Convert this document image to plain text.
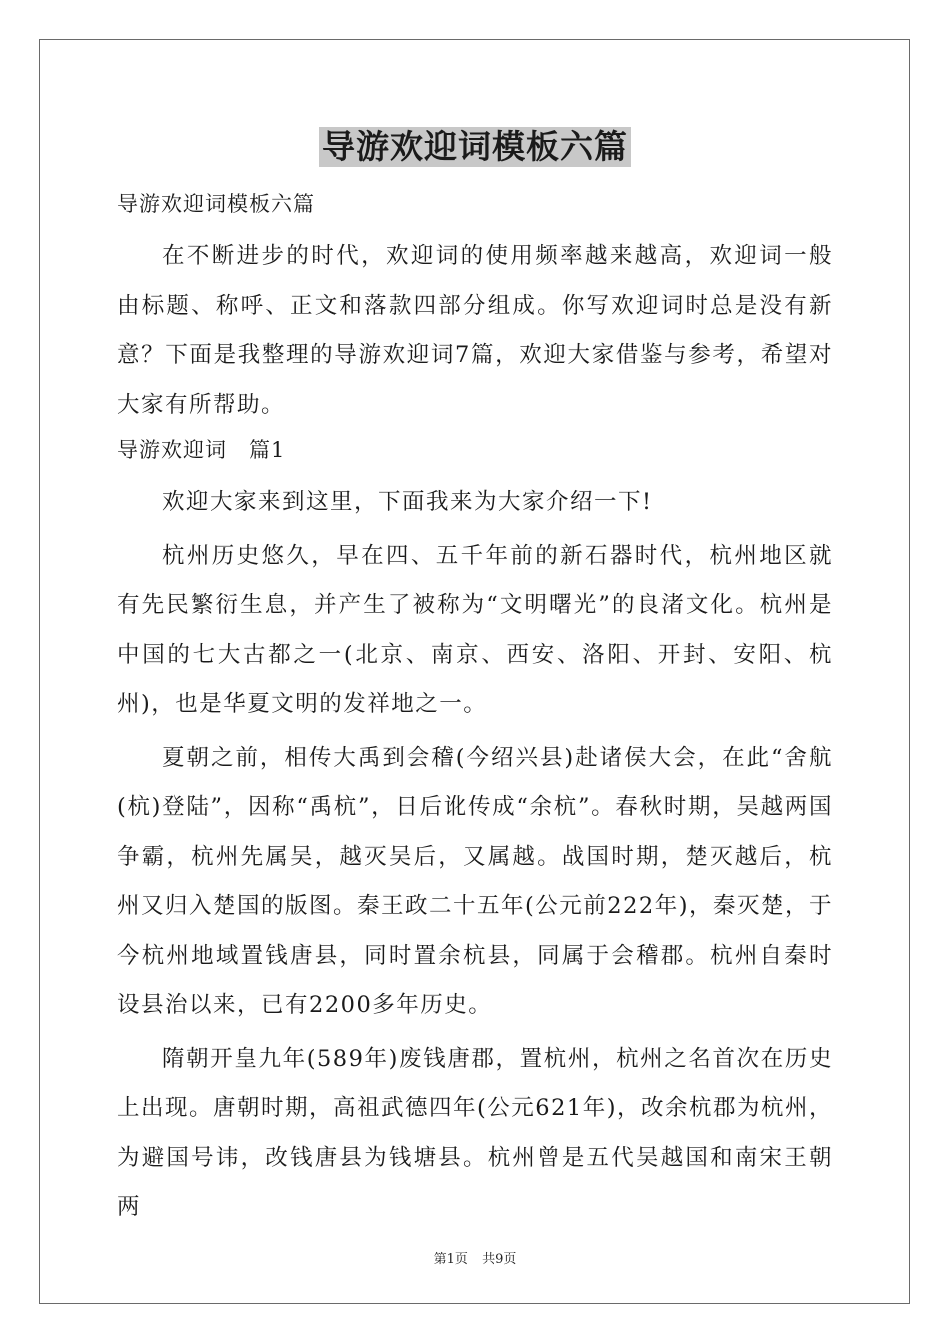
导游欢迎词模板六篇

导游欢迎词模板六篇

在不断进步的时代，欢迎词的使用频率越来越高，欢迎词一般由标题、称呼、正文和落款四部分组成。你写欢迎词时总是没有新意？下面是我整理的导游欢迎词7篇，欢迎大家借鉴与参考，希望对大家有所帮助。

导游欢迎词　篇1

欢迎大家来到这里，下面我来为大家介绍一下!

杭州历史悠久，早在四、五千年前的新石器时代，杭州地区就有先民繁衍生息，并产生了被称为“文明曙光”的良渚文化。杭州是中国的七大古都之一(北京、南京、西安、洛阳、开封、安阳、杭州)，也是华夏文明的发祥地之一。

夏朝之前，相传大禹到会稽(今绍兴县)赴诸侯大会，在此“舍航(杭)登陆”，因称“禹杭”，日后讹传成“余杭”。春秋时期，吴越两国争霸，杭州先属吴，越灭吴后，又属越。战国时期，楚灭越后，杭州又归入楚国的版图。秦王政二十五年(公元前222年)，秦灭楚，于今杭州地域置钱唐县，同时置余杭县，同属于会稽郡。杭州自秦时设县治以来，已有2200多年历史。

隋朝开皇九年(589年)废钱唐郡，置杭州，杭州之名首次在历史上出现。唐朝时期，高祖武德四年(公元621年)，改余杭郡为杭州，为避国号讳，改钱唐县为钱塘县。杭州曾是五代吴越国和南宋王朝两

第1页 共9页
